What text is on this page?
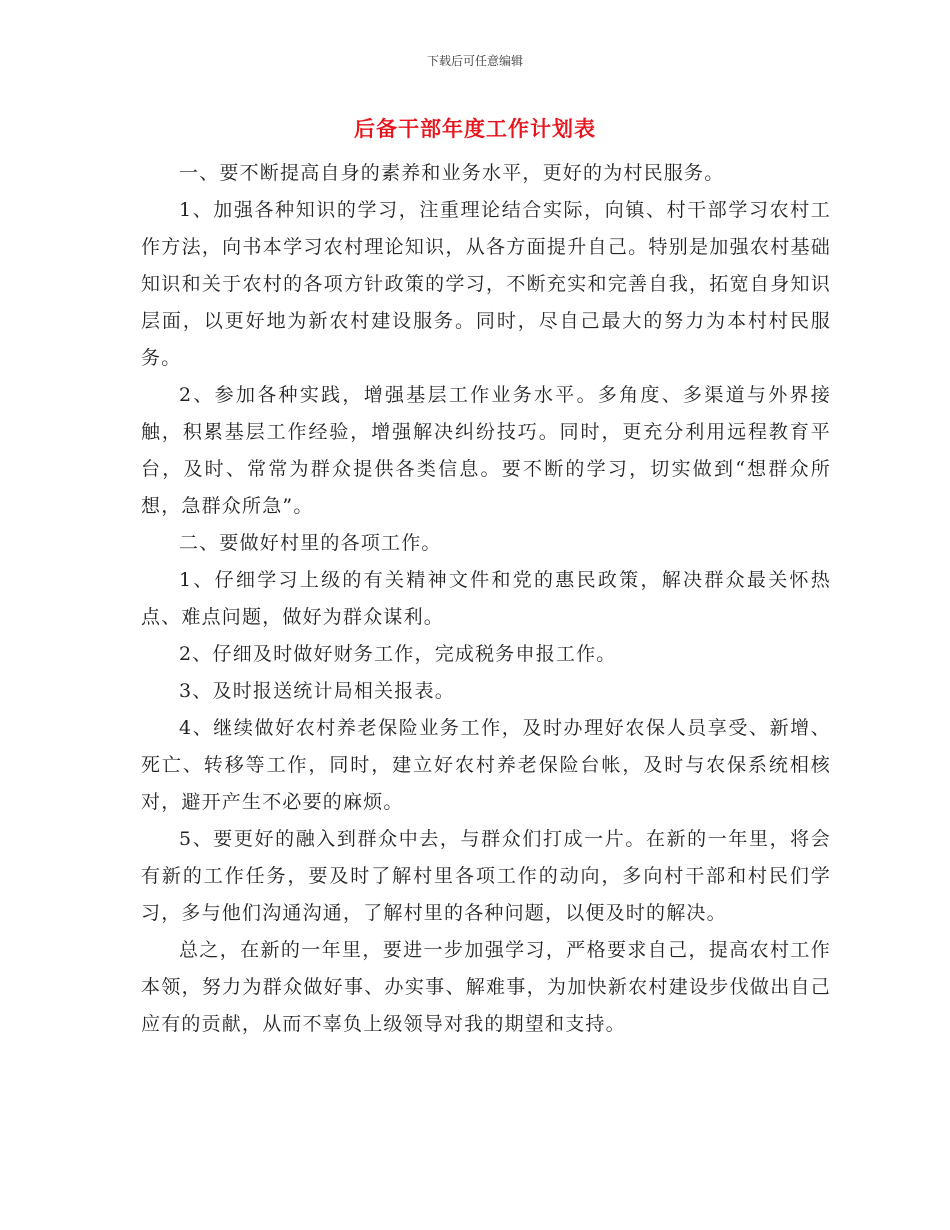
下载后可任意编辑
后备干部年度工作计划表

一、要不断提高自身的素养和业务水平，更好的为村民服务。

1、加强各种知识的学习，注重理论结合实际，向镇、村干部学习农村工作方法，向书本学习农村理论知识，从各方面提升自己。特别是加强农村基础知识和关于农村的各项方针政策的学习，不断充实和完善自我，拓宽自身知识层面，以更好地为新农村建设服务。同时，尽自己最大的努力为本村村民服务。

2、参加各种实践，增强基层工作业务水平。多角度、多渠道与外界接触，积累基层工作经验，增强解决纠纷技巧。同时，更充分利用远程教育平台，及时、常常为群众提供各类信息。要不断的学习，切实做到“想群众所想，急群众所急”。

二、要做好村里的各项工作。

1、仔细学习上级的有关精神文件和党的惠民政策，解决群众最关怀热点、难点问题，做好为群众谋利。

2、仔细及时做好财务工作，完成税务申报工作。

3、及时报送统计局相关报表。

4、继续做好农村养老保险业务工作，及时办理好农保人员享受、新增、死亡、转移等工作，同时，建立好农村养老保险台帐，及时与农保系统相核对，避开产生不必要的麻烦。

5、要更好的融入到群众中去，与群众们打成一片。在新的一年里，将会有新的工作任务，要及时了解村里各项工作的动向，多向村干部和村民们学习，多与他们沟通沟通，了解村里的各种问题，以便及时的解决。

总之，在新的一年里，要进一步加强学习，严格要求自己，提高农村工作本领，努力为群众做好事、办实事、解难事，为加快新农村建设步伐做出自己应有的贡献，从而不辜负上级领导对我的期望和支持。
